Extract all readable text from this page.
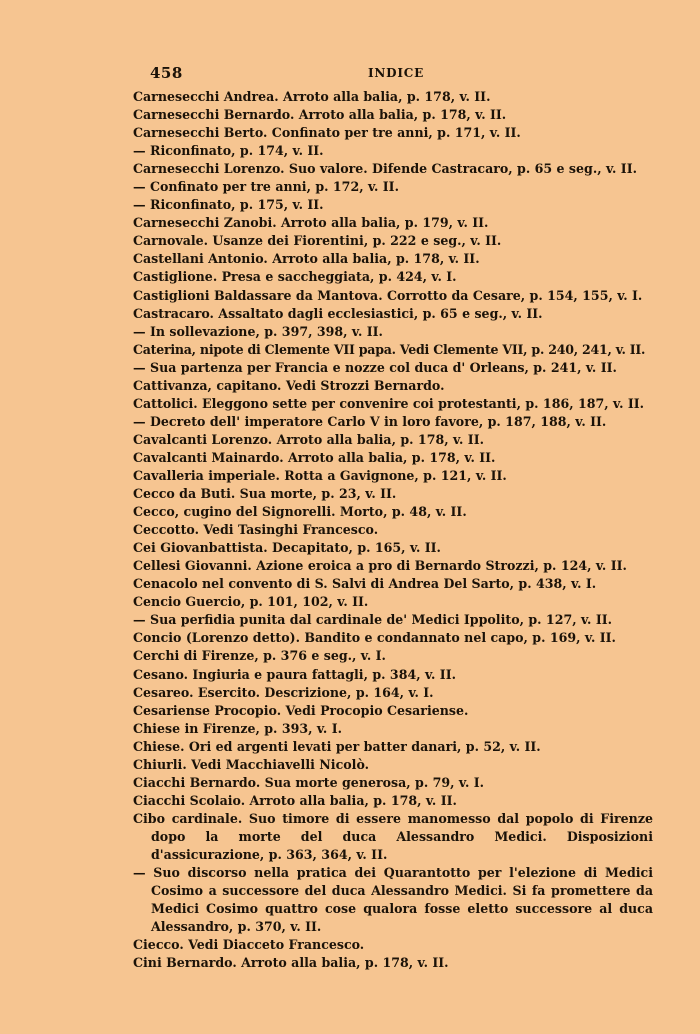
458	INDICE
Carnesecchi Andrea. Arroto alla balia, p. 178, v. II.
Carnesecchi Bernardo. Arroto alla balia, p. 178, v. II.
Carnesecchi Berto. Confinato per tre anni, p. 171, v. II.
— Riconfinato, p. 174, v. II.
Carnesecchi Lorenzo. Suo valore. Difende Castracaro, p. 65 e seg., v. II.
— Confinato per tre anni, p. 172, v. II.
— Riconfinato, p. 175, v. II.
Carnesecchi Zanobi. Arroto alla balia, p. 179, v. II.
Carnovale. Usanze dei Fiorentini, p. 222 e seg., v. II.
Castellani Antonio. Arroto alla balia, p. 178, v. II.
Castiglione. Presa e saccheggiata, p. 424, v. I.
Castiglioni Baldassare da Mantova. Corrotto da Cesare, p. 154, 155, v. I.
Castracaro. Assaltato dagli ecclesiastici, p. 65 e seg., v. II.
— In sollevazione, p. 397, 398, v. II.
Caterina, nipote di Clemente VII papa. Vedi Clemente VII, p. 240, 241, v. II.
— Sua partenza per Francia e nozze col duca d' Orleans, p. 241, v. II.
Cattivanza, capitano. Vedi Strozzi Bernardo.
Cattolici. Eleggono sette per convenire coi protestanti, p. 186, 187, v. II.
— Decreto dell' imperatore Carlo V in loro favore, p. 187, 188, v. II.
Cavalcanti Lorenzo. Arroto alla balia, p. 178, v. II.
Cavalcanti Mainardo. Arroto alla balia, p. 178, v. II.
Cavalleria imperiale. Rotta a Gavignone, p. 121, v. II.
Cecco da Buti. Sua morte, p. 23, v. II.
Cecco, cugino del Signorelli. Morto, p. 48, v. II.
Ceccotto. Vedi Tasinghi Francesco.
Cei Giovanbattista. Decapitato, p. 165, v. II.
Cellesi Giovanni. Azione eroica a pro di Bernardo Strozzi, p. 124, v. II.
Cenacolo nel convento di S. Salvi di Andrea Del Sarto, p. 438, v. I.
Cencio Guercio, p. 101, 102, v. II.
— Sua perfidia punita dal cardinale de' Medici Ippolito, p. 127, v. II.
Concio (Lorenzo detto). Bandito e condannato nel capo, p. 169, v. II.
Cerchi di Firenze, p. 376 e seg., v. I.
Cesano. Ingiuria e paura fattagli, p. 384, v. II.
Cesareo. Esercito. Descrizione, p. 164, v. I.
Cesariense Procopio. Vedi Procopio Cesariense.
Chiese in Firenze, p. 393, v. I.
Chiese. Ori ed argenti levati per batter danari, p. 52, v. II.
Chiurli. Vedi Macchiavelli Nicolò.
Ciacchi Bernardo. Sua morte generosa, p. 79, v. I.
Ciacchi Scolaio. Arroto alla balia, p. 178, v. II.
Cibo cardinale. Suo timore di essere manomesso dal popolo di Firenze dopo la morte del duca Alessandro Medici. Disposizioni d'assicurazione, p. 363, 364, v. II.
— Suo discorso nella pratica dei Quarantotto per l'elezione di Medici Cosimo a successore del duca Alessandro Medici. Si fa promettere da Medici Cosimo quattro cose qualora fosse eletto successore al duca Alessandro, p. 370, v. II.
Ciecco. Vedi Diacceto Francesco.
Cini Bernardo. Arroto alla balia, p. 178, v. II.
